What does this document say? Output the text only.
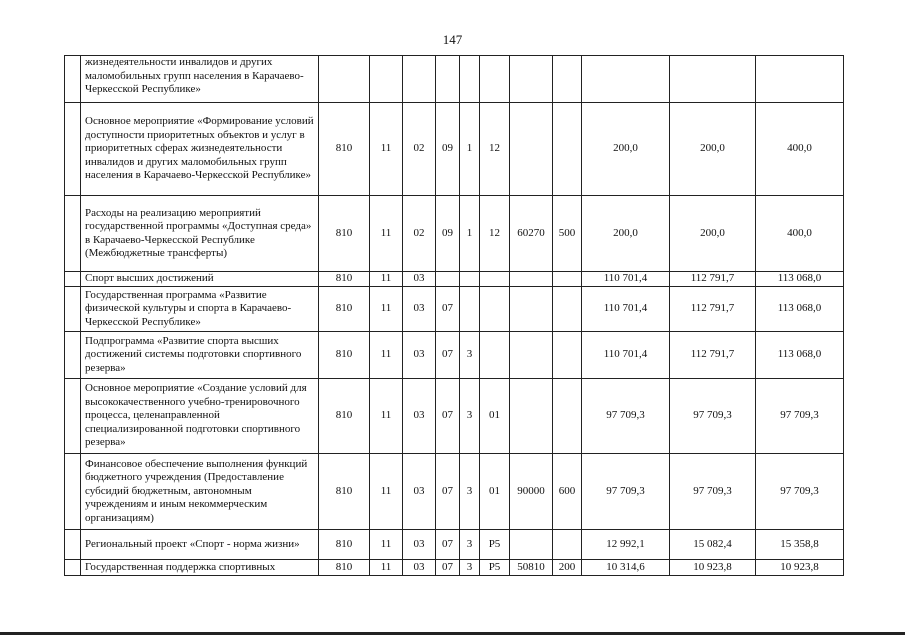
147
	жизнедеятельности инвалидов и других маломобильных групп населения в Карачаево-Черкесской Республике»											
	Основное мероприятие «Формирование условий доступности приоритетных объектов и услуг в приоритетных сферах жизнедеятельности инвалидов и других маломобильных групп населения в Карачаево-Черкесской Республике»	810	11	02	09	1	12			200,0	200,0	400,0
	Расходы на реализацию мероприятий государственной программы «Доступная среда» в Карачаево-Черкесской Республике (Межбюджетные трансферты)	810	11	02	09	1	12	60270	500	200,0	200,0	400,0
	Спорт высших достижений	810	11	03						110 701,4	112 791,7	113 068,0
	Государственная программа «Развитие физической культуры и спорта в Карачаево-Черкесской Республике»	810	11	03	07					110 701,4	112 791,7	113 068,0
	Подпрограмма «Развитие спорта высших достижений системы подготовки спортивного резерва»	810	11	03	07	3				110 701,4	112 791,7	113 068,0
	Основное мероприятие «Создание условий для высококачественного учебно-тренировочного процесса, целенаправленной специализированной подготовки спортивного резерва»	810	11	03	07	3	01			97 709,3	97 709,3	97 709,3
	Финансовое обеспечение выполнения функций бюджетного учреждения (Предоставление субсидий бюджетным, автономным учреждениям и иным некоммерческим организациям)	810	11	03	07	3	01	90000	600	97 709,3	97 709,3	97 709,3
	Региональный проект «Спорт - норма жизни»	810	11	03	07	3	P5			12 992,1	15 082,4	15 358,8
	Государственная поддержка спортивных	810	11	03	07	3	P5	50810	200	10 314,6	10 923,8	10 923,8
